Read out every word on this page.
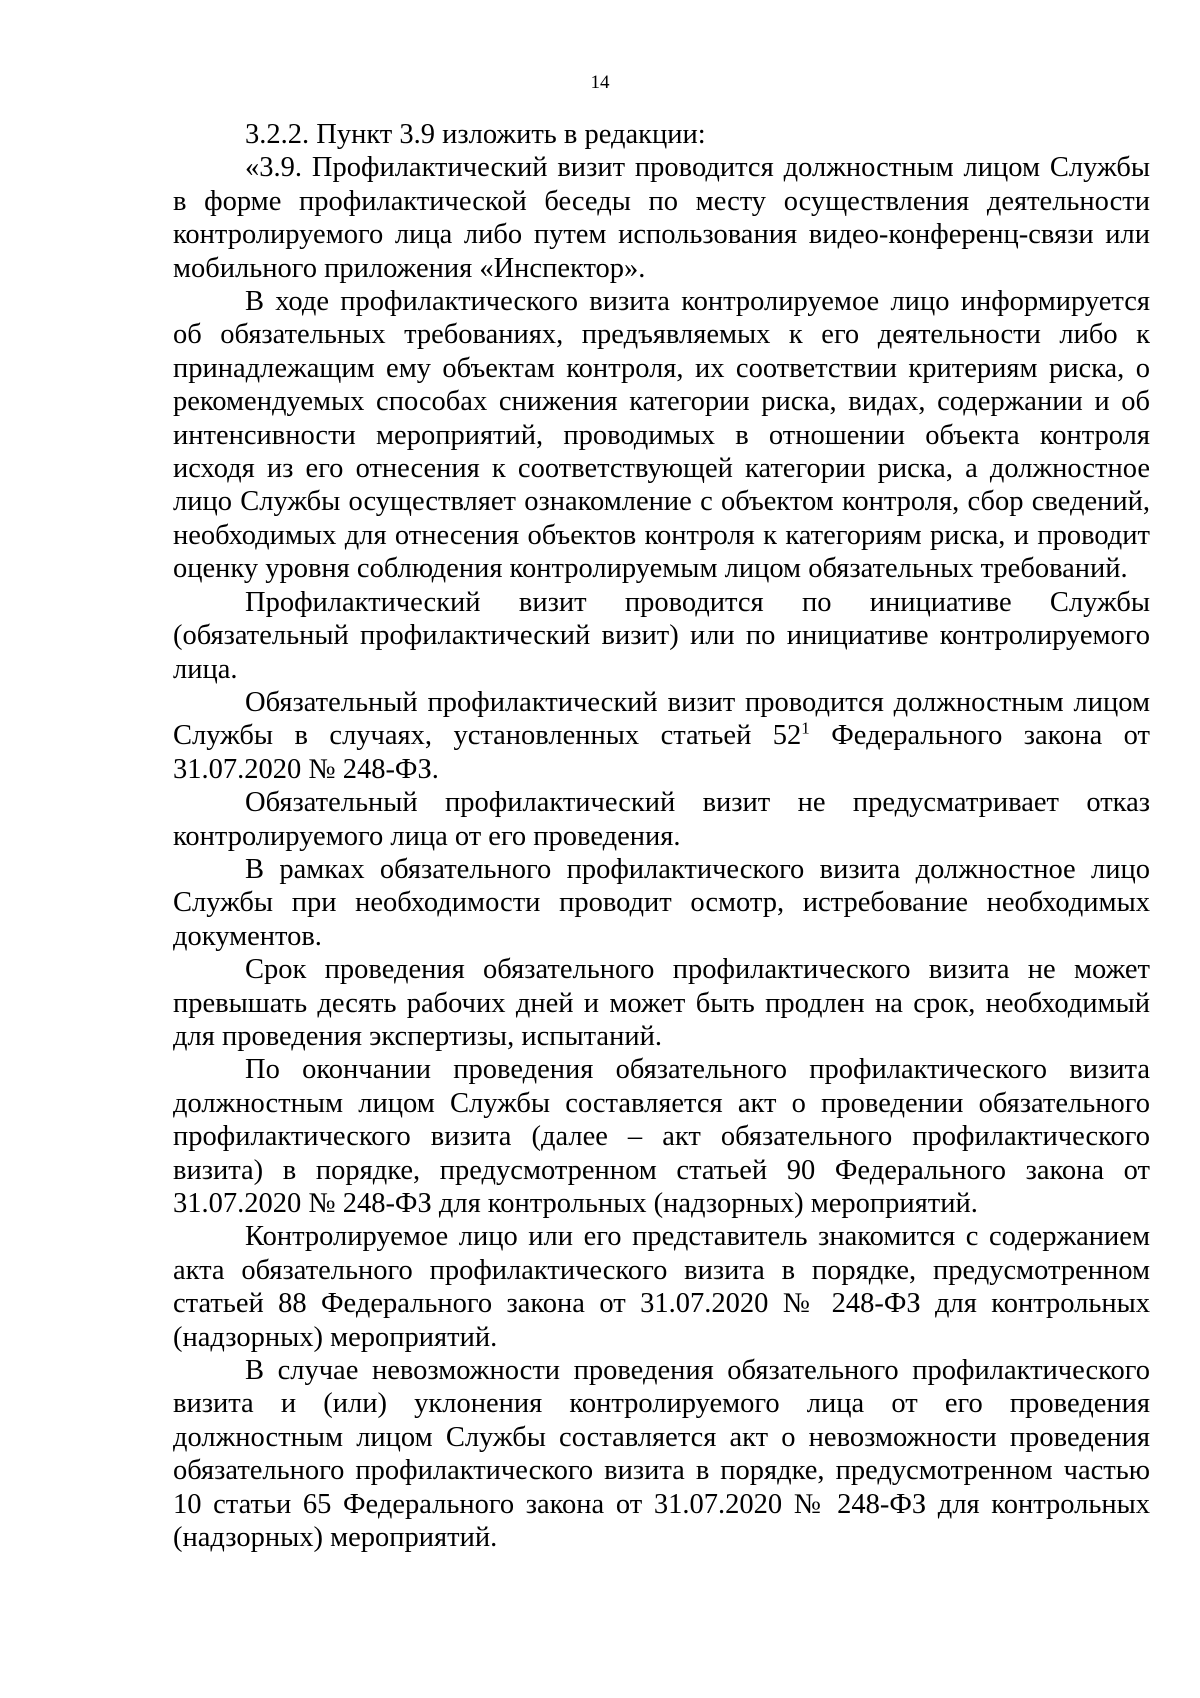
14

3.2.2. Пункт 3.9 изложить в редакции:

«3.9. Профилактический визит проводится должностным лицом Службы в форме профилактической беседы по месту осуществления деятельности контролируемого лица либо путем использования видео-конференц-связи или мобильного приложения «Инспектор».

В ходе профилактического визита контролируемое лицо информируется об обязательных требованиях, предъявляемых к его деятельности либо к принадлежащим ему объектам контроля, их соответствии критериям риска, о рекомендуемых способах снижения категории риска, видах, содержании и об интенсивности мероприятий, проводимых в отношении объекта контроля исходя из его отнесения к соответствующей категории риска, а должностное лицо Службы осуществляет ознакомление с объектом контроля, сбор сведений, необходимых для отнесения объектов контроля к категориям риска, и проводит оценку уровня соблюдения контролируемым лицом обязательных требований.

Профилактический визит проводится по инициативе Службы (обязательный профилактический визит) или по инициативе контролируемого лица.

Обязательный профилактический визит проводится должностным лицом Службы в случаях, установленных статьей $52^1$ Федерального закона от 31.07.2020 № 248-ФЗ.

Обязательный профилактический визит не предусматривает отказ контролируемого лица от его проведения.

В рамках обязательного профилактического визита должностное лицо Службы при необходимости проводит осмотр, истребование необходимых документов.

Срок проведения обязательного профилактического визита не может превышать десять рабочих дней и может быть продлен на срок, необходимый для проведения экспертизы, испытаний.

По окончании проведения обязательного профилактического визита должностным лицом Службы составляется акт о проведении обязательного профилактического визита (далее – акт обязательного профилактического визита) в порядке, предусмотренном статьей 90 Федерального закона от 31.07.2020 № 248-ФЗ для контрольных (надзорных) мероприятий.

Контролируемое лицо или его представитель знакомится с содержанием акта обязательного профилактического визита в порядке, предусмотренном статьей 88 Федерального закона от 31.07.2020 № 248-ФЗ для контрольных (надзорных) мероприятий.

В случае невозможности проведения обязательного профилактического визита и (или) уклонения контролируемого лица от его проведения должностным лицом Службы составляется акт о невозможности проведения обязательного профилактического визита в порядке, предусмотренном частью 10 статьи 65 Федерального закона от 31.07.2020 № 248-ФЗ для контрольных (надзорных) мероприятий.
